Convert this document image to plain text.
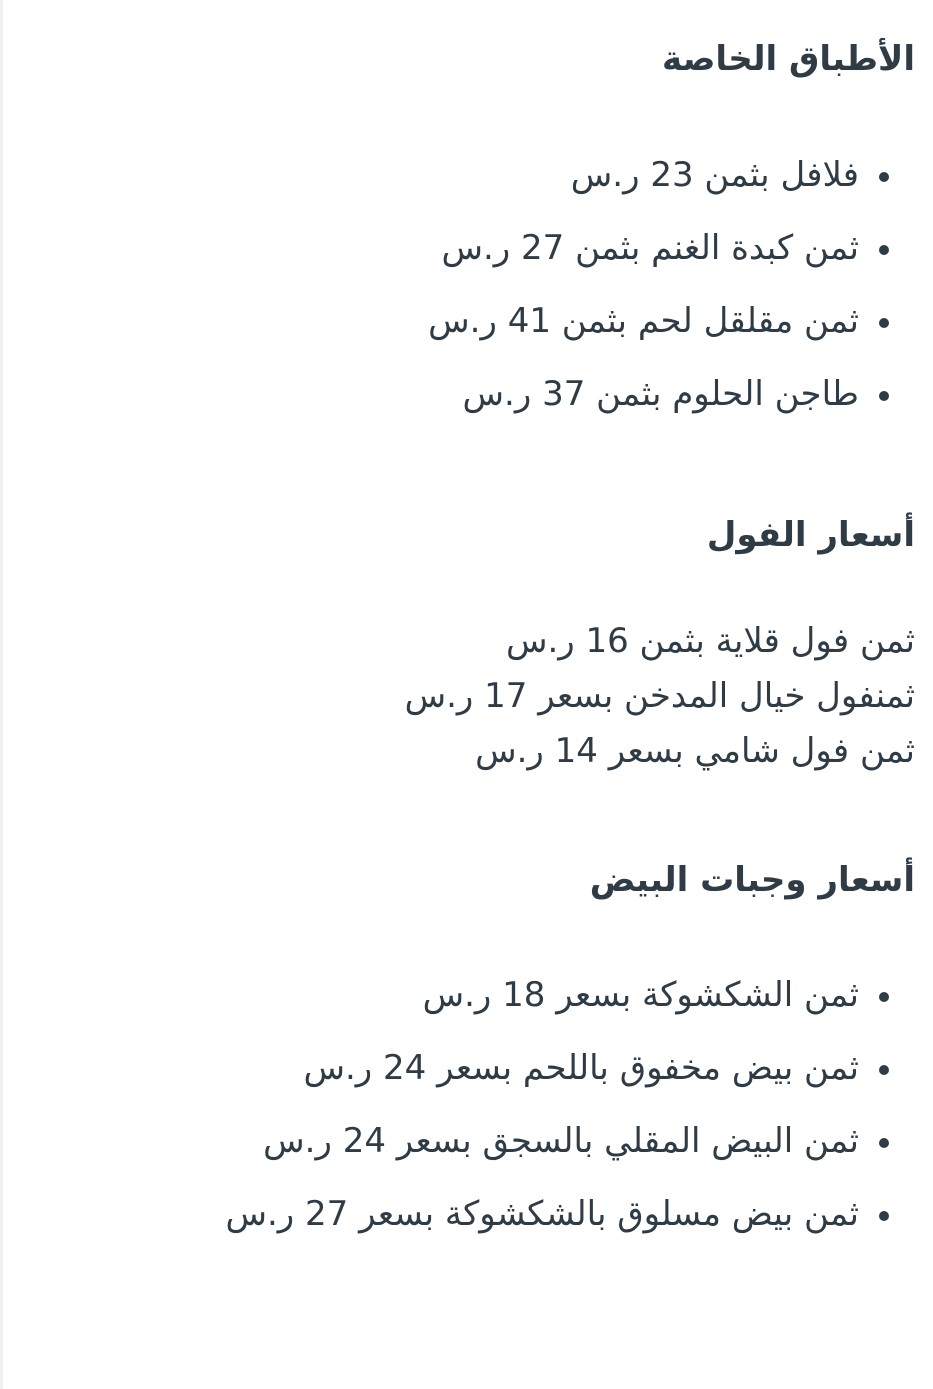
الأطباق الخاصة
فلافل بثمن 23 ر.س
ثمن كبدة الغنم بثمن 27 ر.س
ثمن مقلقل لحم بثمن 41 ر.س
طاجن الحلوم بثمن 37 ر.س
أسعار الفول
ثمن فول قلاية بثمن 16 ر.س
ثمنفول خيال المدخن بسعر 17 ر.س
ثمن فول شامي بسعر 14 ر.س
أسعار وجبات البيض
ثمن الشكشوكة بسعر 18 ر.س
ثمن بيض مخفوق باللحم بسعر 24 ر.س
ثمن البيض المقلي بالسجق بسعر 24 ر.س
ثمن بيض مسلوق بالشكشوكة بسعر 27 ر.س
